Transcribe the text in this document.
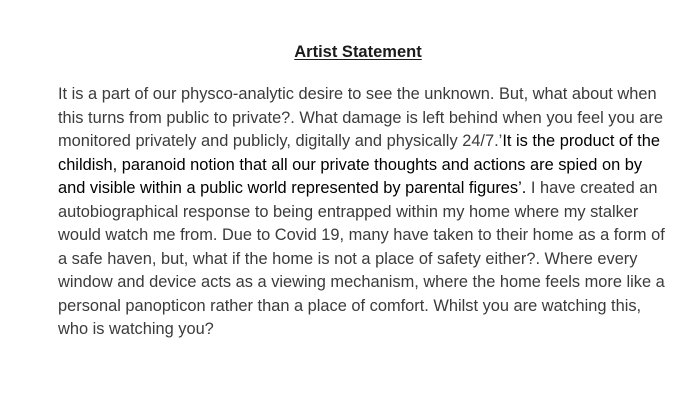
Artist Statement
It is a part of our physco-analytic desire to see the unknown. But, what about when this turns from public to private?. What damage is left behind when you feel you are monitored privately and publicly, digitally and physically 24/7.’It is the product of the childish, paranoid notion that all our private thoughts and actions are spied on by and visible within a public world represented by parental figures’. I have created an autobiographical response to being entrapped within my home where my stalker would watch me from. Due to Covid 19, many have taken to their home as a form of a safe haven, but, what if the home is not a place of safety either?. Where every window and device acts as a viewing mechanism, where the home feels more like a personal panopticon rather than a place of comfort. Whilst you are watching this, who is watching you?
